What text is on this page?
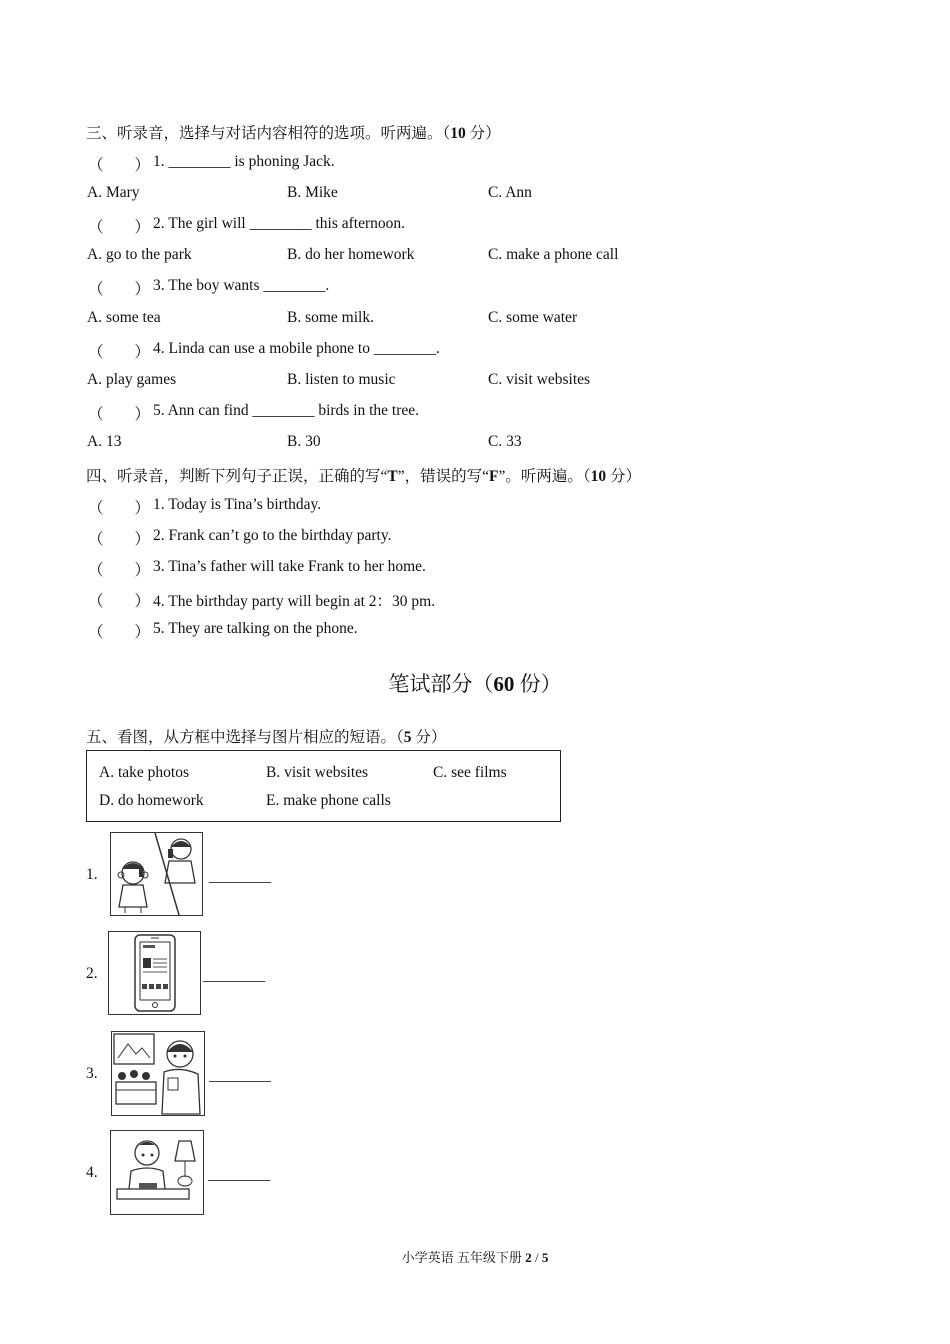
三、听录音，选择与对话内容相符的选项。听两遍。（10 分）
（　　） 1. ________ is phoning Jack.
A. Mary	B. Mike	C. Ann
（　　） 2. The girl will ________ this afternoon.
A. go to the park	B. do her homework	C. make a phone call
（　　） 3. The boy wants ________.
A. some tea	B. some milk.	C. some water
（　　） 4. Linda can use a mobile phone to ________.
A. play games	B. listen to music	C. visit websites
（　　） 5. Ann can find ________ birds in the tree.
A. 13	B. 30	C. 33
四、听录音，判断下列句子正误，正确的写“T”，错误的写“F”。听两遍。（10 分）
（　　） 1. Today is Tina’s birthday.
（　　） 2. Frank can’t go to the birthday party.
（　　） 3. Tina’s father will take Frank to her home.
（　　） 4. The birthday party will begin at 2：30 pm.
（　　） 5. They are talking on the phone.
笔试部分（60 份）
五、看图，从方框中选择与图片相应的短语。（5 分）
A. take photos	B. visit websites	C. see films
D. do homework	E. make phone calls
1.	________
2.	________
3.	________
4.	________
小学英语 五年级下册 2 / 5
